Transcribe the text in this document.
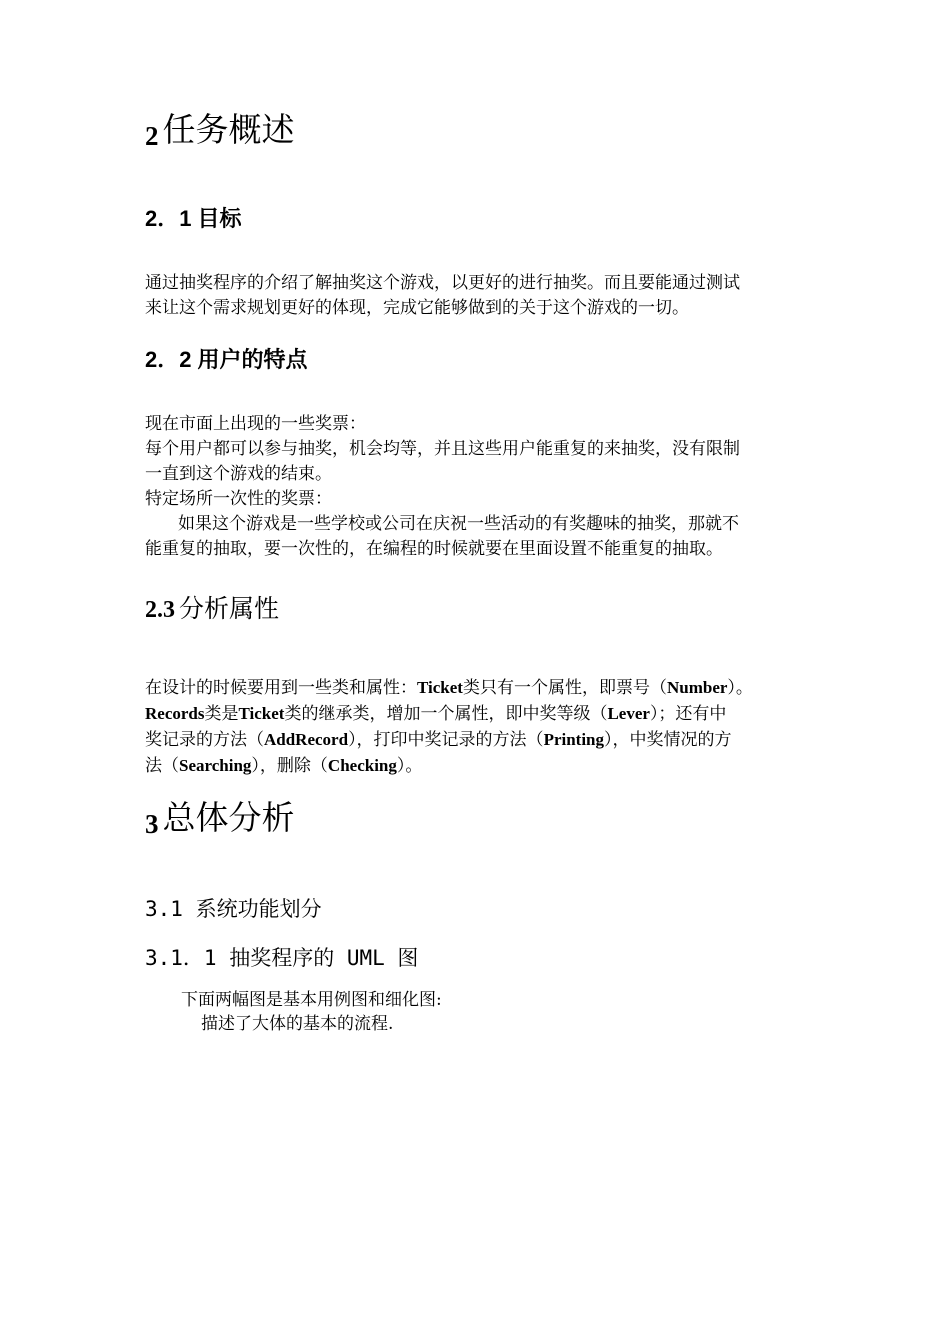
2 任务概述
2．1 目标
通过抽奖程序的介绍了解抽奖这个游戏，以更好的进行抽奖。而且要能通过测试
来让这个需求规划更好的体现，完成它能够做到的关于这个游戏的一切。
2．2 用户的特点
现在市面上出现的一些奖票：
每个用户都可以参与抽奖，机会均等，并且这些用户能重复的来抽奖，没有限制
一直到这个游戏的结束。
特定场所一次性的奖票：
如果这个游戏是一些学校或公司在庆祝一些活动的有奖趣味的抽奖，那就不
能重复的抽取，要一次性的，在编程的时候就要在里面设置不能重复的抽取。
2.3 分析属性
在设计的时候要用到一些类和属性：Ticket类只有一个属性，即票号（Number）。
Records类是Ticket类的继承类，增加一个属性，即中奖等级（Lever）；还有中
奖记录的方法（AddRecord），打印中奖记录的方法（Printing），中奖情况的方
法（Searching），删除（Checking）。
3 总体分析
3.1 系统功能划分
3.1．1 抽奖程序的 UML 图
下面两幅图是基本用例图和细化图:
描述了大体的基本的流程.
